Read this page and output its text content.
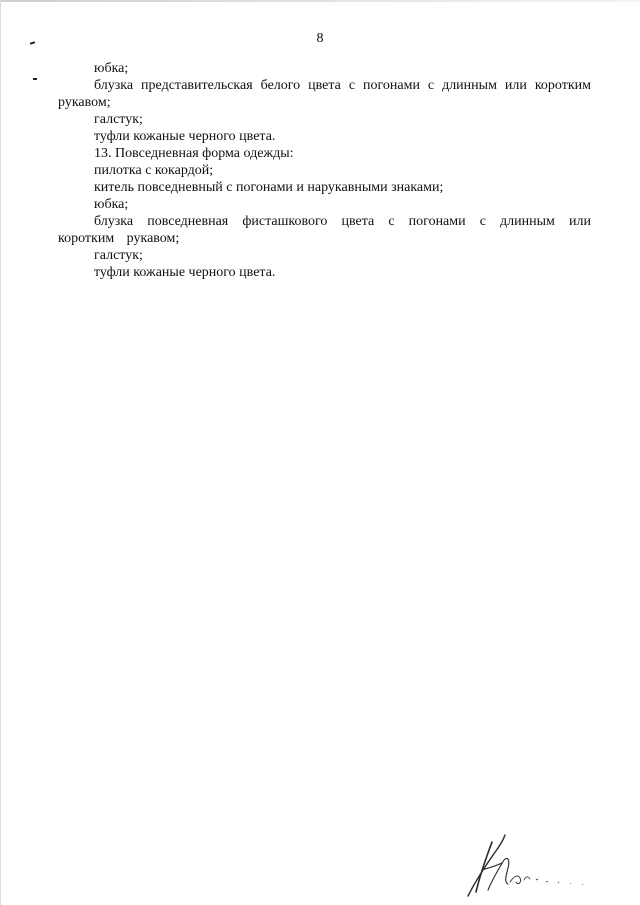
8

юбка;

блузка представительская белого цвета с погонами с длинным или коротким рукавом;

галстук;

туфли кожаные черного цвета.

13. Повседневная форма одежды:

пилотка с кокардой;

китель повседневный с погонами и нарукавными знаками;

юбка;

блузка повседневная фисташкового цвета с погонами с длинным или коротким рукавом;

галстук;

туфли кожаные черного цвета.
